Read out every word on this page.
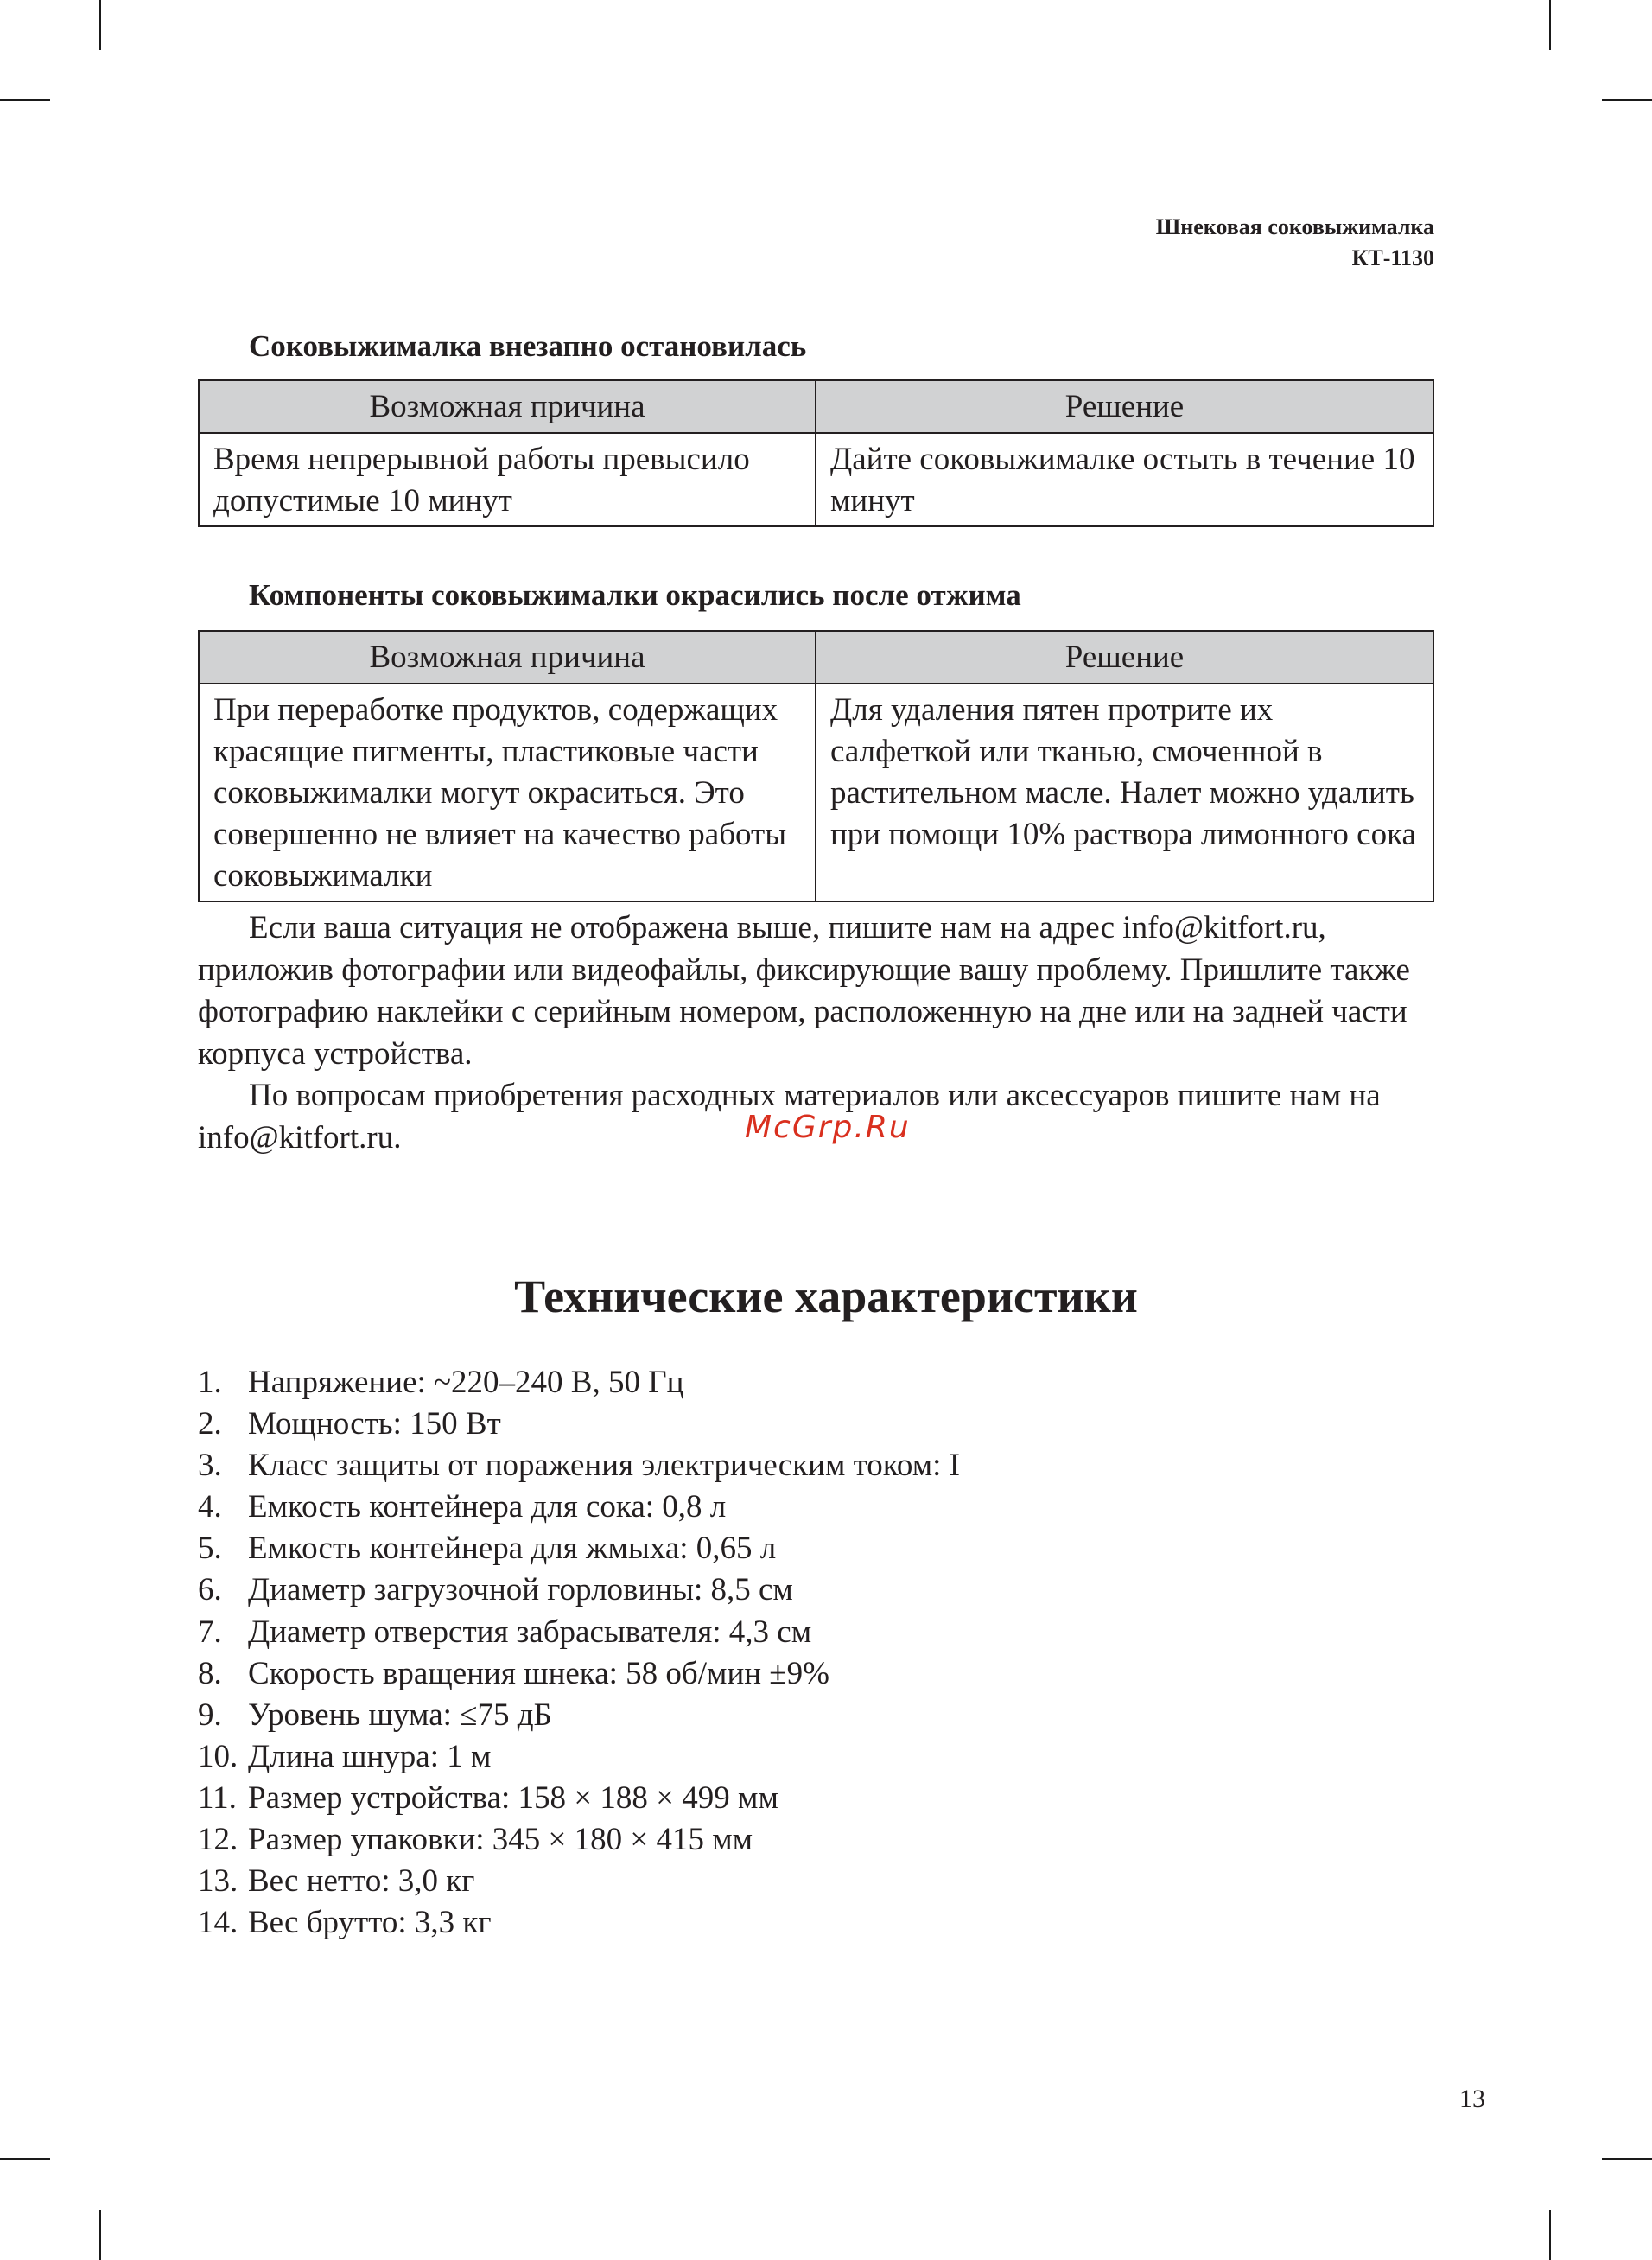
Шнековая соковыжималка
КТ-1130
Соковыжималка внезапно остановилась
Возможная причина	Решение
Время непрерывной работы превысило допустимые 10 минут	Дайте соковыжималке остыть в течение 10 минут
Компоненты соковыжималки окрасились после отжима
Возможная причина	Решение
При переработке продуктов, содержащих красящие пигменты, пластиковые части соковыжималки могут окраситься. Это совершенно не влияет на качество работы соковыжималки	Для удаления пятен протрите их салфеткой или тканью, смоченной в растительном масле. Налет можно удалить при помощи 10% раствора лимонного сока

Если ваша ситуация не отображена выше, пишите нам на адрес info@kitfort.ru, приложив фотографии или видеофайлы, фиксирующие вашу проблему. Пришлите также фотографию наклейки с серийным номером, расположенную на дне или на задней части корпуса устройства.

По вопросам приобретения расходных материалов или аксессуаров пишите нам на info@kitfort.ru.	McGrp.Ru
Технические характеристики
1. Напряжение: ~220–240 В, 50 Гц
2. Мощность: 150 Вт
3. Класс защиты от поражения электрическим током: I
4. Емкость контейнера для сока: 0,8 л
5. Емкость контейнера для жмыха: 0,65 л
6. Диаметр загрузочной горловины: 8,5 см
7. Диаметр отверстия забрасывателя: 4,3 см
8. Скорость вращения шнека: 58 об/мин ±9%
9. Уровень шума: ≤75 дБ
10. Длина шнура: 1 м
11. Размер устройства: 158 × 188 × 499 мм
12. Размер упаковки: 345 × 180 × 415 мм
13. Вес нетто: 3,0 кг
14. Вес брутто: 3,3 кг
13
